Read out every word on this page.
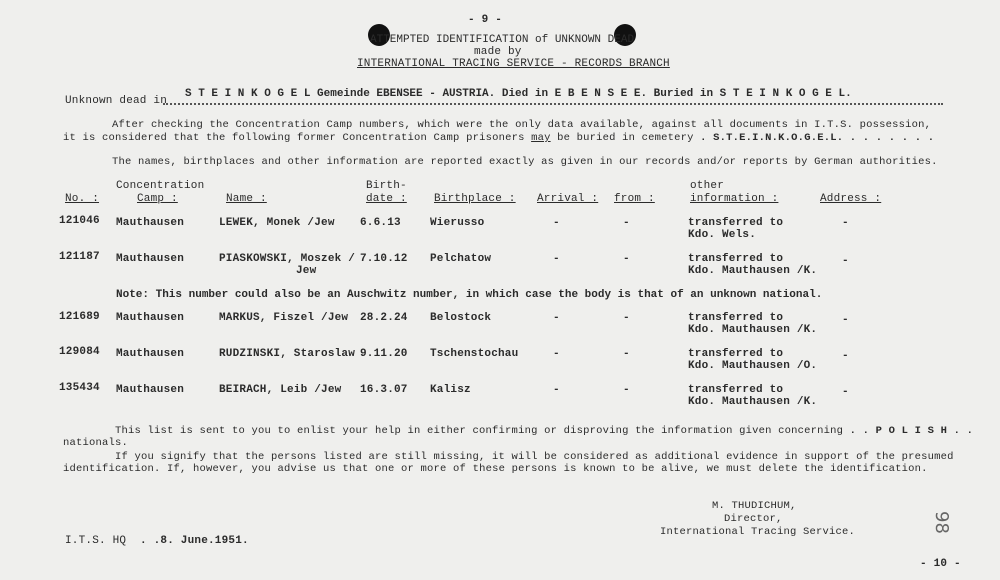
- 9 -
ATTEMPTED IDENTIFICATION of UNKNOWN DEAD
made by
INTERNATIONAL TRACING SERVICE - RECORDS BRANCH
Unknown dead in
S T E I N K O G E L Gemeinde EBENSEE - AUSTRIA. Died in E B E N S E E. Buried in S T E I N K O G E L.
After checking the Concentration Camp numbers, which were the only data available, against all documents in I.T.S. possession,
it is considered that the following former Concentration Camp prisoners may be buried in cemetery . S.T.E.I.N.K.O.G.E.L. . . . . . . .
The names, birthplaces and other information are reported exactly as given in our records and/or reports by German authorities.
No. :
Concentration
Camp :	Name :
Birth-
date : Birthplace : Arrival : from :
other
information :	Address :
121046 Mauthausen	LEWEK, Monek /Jew 6.6.13	Wierusso	-	-	transferred to
Kdo. Wels.
-
121187 Mauthausen	PIASKOWSKI, Moszek /
Jew
7.10.12 Pelchatow	-	-	transferred to
Kdo. Mauthausen /K.
-
Note: This number could also be an Auschwitz number, in which case the body is that of an unknown national.
121689 Mauthausen	MARKUS, Fiszel /Jew 28.2.24 Belostock	-	-	transferred to
Kdo. Mauthausen /K.
-
129084 Mauthausen	RUDZINSKI, Staroslaw 9.11.20 Tschenstochau	-	-	transferred to
Kdo. Mauthausen /O.
-
135434 Mauthausen	BEIRACH, Leib /Jew 16.3.07 Kalisz	-	-	transferred to
Kdo. Mauthausen /K.
-
This list is sent to you to enlist your help in either confirming or disproving the information given concerning . . P O L I S H . .
nationals.
If you signify that the persons listed are still missing, it will be considered as additional evidence in support of the presumed
identification. If, however, you advise us that one or more of these persons is known to be alive, we must delete the identification.
M. THUDICHUM,
Director,
International Tracing Service.
I.T.S. HQ . .8. June.1951.
98
- 10 -
